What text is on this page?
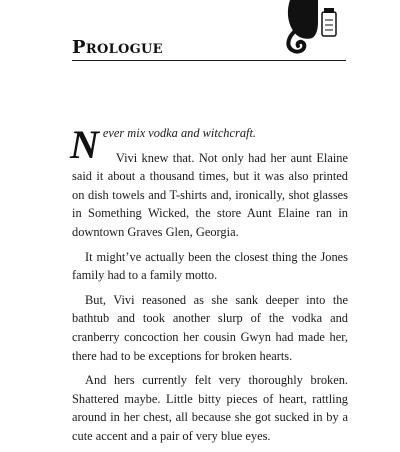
Prologue

Never mix vodka and witchcraft.

Vivi knew that. Not only had her aunt Elaine said it about a thousand times, but it was also printed on dish towels and T-shirts and, ironically, shot glasses in Something Wicked, the store Aunt Elaine ran in downtown Graves Glen, Georgia.

It might’ve actually been the closest thing the Jones family had to a family motto.

But, Vivi reasoned as she sank deeper into the bathtub and took another slurp of the vodka and cranberry concoction her cousin Gwyn had made her, there had to be exceptions for broken hearts.

And hers currently felt very thoroughly broken. Shattered maybe. Little bitty pieces of heart, rattling around in her chest, all because she got sucked in by a cute accent and a pair of very blue eyes.
